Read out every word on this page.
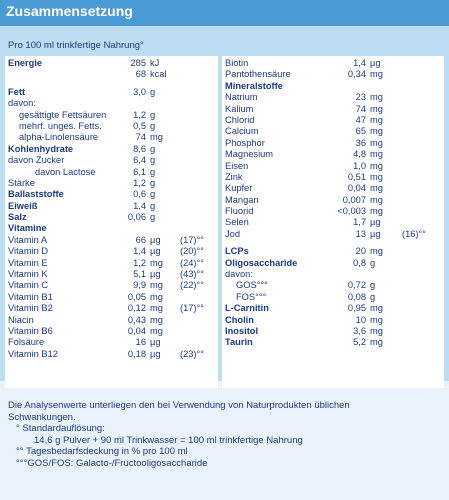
Zusammensetzung
Pro 100 ml trinkfertige Nahrung°
Energie	285 kJ
68 kcal
Fett	3,0 g
davon:
gesättigte Fettsäuren	1,2 g
mehrf. unges. Fetts.	0,5 g
alpha-Linolensäure	74 mg
Kohlenhydrate	8,6 g
davon Zucker	6,4 g
davon Lactose	6,1 g
Stärke	1,2 g
Ballaststoffe	0,6 g
Eiweiß	1,4 g
Salz	0,06 g
Vitamine
Vitamin A	66 µg (17)°°
Vitamin D	1,4 µg (20)°°
Vitamin E	1,2 mg (24)°°
Vitamin K	5,1 µg (43)°°
Vitamin C	9,9 mg (22)°°
Vitamin B1	0,05 mg
Vitamin B2	0,12 mg (17)°°
Niacin	0,43 mg
Vitamin B6	0,04 mg
Folsäure	16 µg
Vitamin B12	0,18 µg (23)°°
Biotin	1,4 µg
Pantothensäure	0,34 mg
Mineralstoffe
Natrium	23 mg
Kalium	74 mg
Chlorid	47 mg
Calcium	65 mg
Phosphor	36 mg
Magnesium	4,8 mg
Eisen	1,0 mg
Zink	0,51 mg
Kupfer	0,04 mg
Mangan	0,007 mg
Fluorid	<0,003 mg
Selen	1,7 µg
Jod	13 µg (16)°°
LCPs	20 mg
Oligosaccharide	0,8 g
davon:
GOS°°°	0,72 g
FOS°°°	0,08 g
L-Carnitin	0,95 mg
Cholin	10 mg
Inositol	3,6 mg
Taurin	5,2 mg
Die Analysenwerte unterliegen den bei Verwendung von Naturprodukten üblichen
Schwankungen.
° Standardauflösung:
14,6 g Pulver + 90 ml Trinkwasser = 100 ml trinkfertige Nahrung
°° Tagesbedarfsdeckung in % pro 100 ml
°°°GOS/FOS: Galacto-/Fructooligosaccharide
